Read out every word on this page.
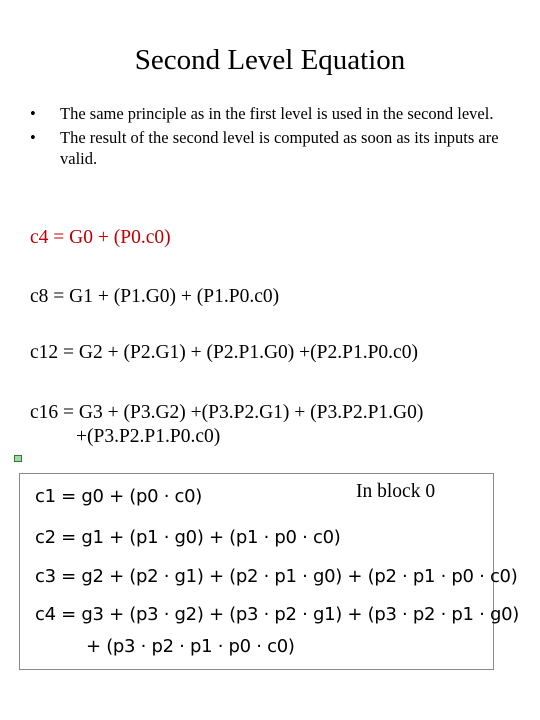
Second Level Equation
• The same principle as in the first level is used in the second level.
• The result of the second level is computed as soon as its inputs are valid.
c4 = G0 + (P0.c0)
c8 = G1 + (P1.G0) + (P1.P0.c0)
c12 = G2 + (P2.G1) + (P2.P1.G0) +(P2.P1.P0.c0)
c16 = G3 + (P3.G2) +(P3.P2.G1) + (P3.P2.P1.G0)
+(P3.P2.P1.P0.c0)
In block 0
c1 = g0 + (p0 · c0)
c2 = g1 + (p1 · g0) + (p1 · p0 · c0)
c3 = g2 + (p2 · g1) + (p2 · p1 · g0) + (p2 · p1 · p0 · c0)
c4 = g3 + (p3 · g2) + (p3 · p2 · g1) + (p3 · p2 · p1 · g0)
+ (p3 · p2 · p1 · p0 · c0)
